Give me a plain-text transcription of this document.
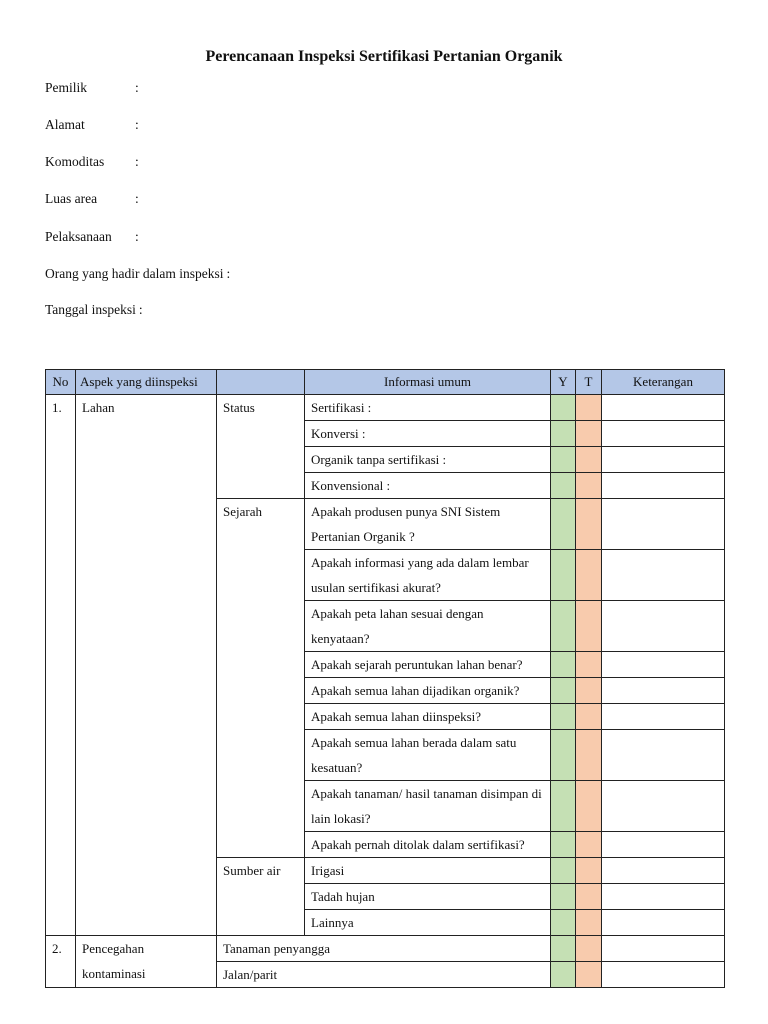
Perencanaan Inspeksi Sertifikasi Pertanian Organik
Pemilik	:
Alamat	:
Komoditas :
Luas area	:
Pelaksanaan :
Orang yang hadir dalam inspeksi :
Tanggal inspeksi :
No	Aspek yang diinspeksi		Informasi umum	Y	T	Keterangan
1.	Lahan	Status	Sertifikasi :			
			Konversi :			
			Organik tanpa sertifikasi :			
			Konvensional :			
		Sejarah	Apakah produsen punya SNI Sistem Pertanian Organik ?			
			Apakah informasi yang ada dalam lembar usulan sertifikasi akurat?			
			Apakah peta lahan sesuai dengan kenyataan?			
			Apakah sejarah peruntukan lahan benar?			
			Apakah semua lahan dijadikan organik?			
			Apakah semua lahan diinspeksi?			
			Apakah semua lahan berada dalam satu kesatuan?			
			Apakah tanaman/ hasil tanaman disimpan di lain lokasi?			
			Apakah pernah ditolak dalam sertifikasi?			
		Sumber air	Irigasi			
			Tadah hujan			
			Lainnya			
2.	Pencegahan kontaminasi	Tanaman penyangga				
		Jalan/parit				
